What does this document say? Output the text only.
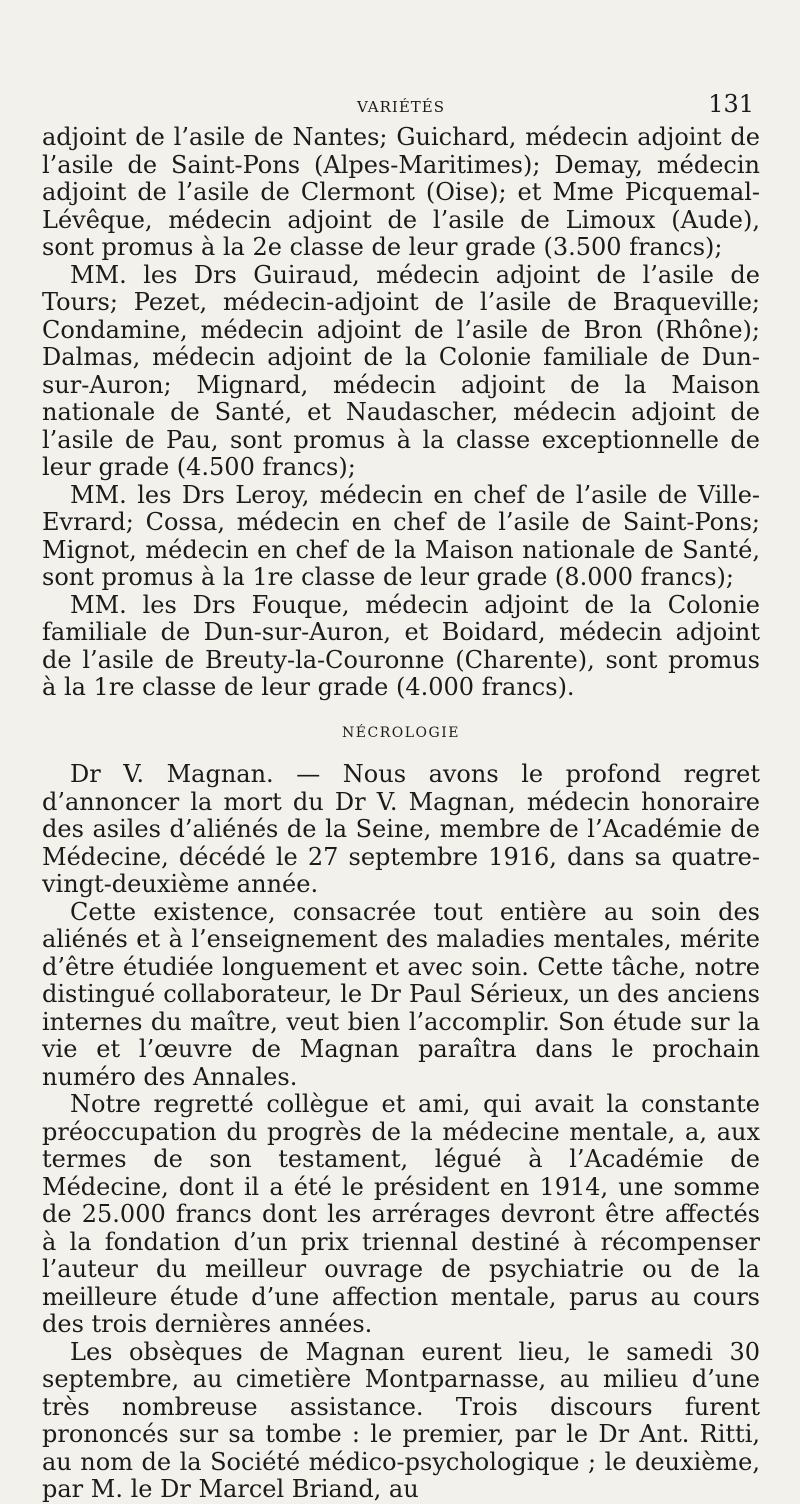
VARIÉTÉS	131

adjoint de l’asile de Nantes; Guichard, médecin adjoint de l’asile de Saint-Pons (Alpes-Maritimes); Demay, médecin adjoint de l’asile de Clermont (Oise); et Mme Picquemal-Lévêque, médecin adjoint de l’asile de Limoux (Aude), sont promus à la 2e classe de leur grade (3.500 francs);

MM. les Drs Guiraud, médecin adjoint de l’asile de Tours; Pezet, médecin-adjoint de l’asile de Braqueville; Condamine, médecin adjoint de l’asile de Bron (Rhône); Dalmas, médecin adjoint de la Colonie familiale de Dun-sur-Auron; Mignard, médecin adjoint de la Maison nationale de Santé, et Naudascher, médecin adjoint de l’asile de Pau, sont promus à la classe exceptionnelle de leur grade (4.500 francs);

MM. les Drs Leroy, médecin en chef de l’asile de Ville-Evrard; Cossa, médecin en chef de l’asile de Saint-Pons; Mignot, médecin en chef de la Maison nationale de Santé, sont promus à la 1re classe de leur grade (8.000 francs);

MM. les Drs Fouque, médecin adjoint de la Colonie familiale de Dun-sur-Auron, et Boidard, médecin adjoint de l’asile de Breuty-la-Couronne (Charente), sont promus à la 1re classe de leur grade (4.000 francs).

NÉCROLOGIE

Dr V. Magnan. — Nous avons le profond regret d’annoncer la mort du Dr V. Magnan, médecin honoraire des asiles d’aliénés de la Seine, membre de l’Académie de Médecine, décédé le 27 septembre 1916, dans sa quatre-vingt-deuxième année.

Cette existence, consacrée tout entière au soin des aliénés et à l’enseignement des maladies mentales, mérite d’être étudiée longuement et avec soin. Cette tâche, notre distingué collaborateur, le Dr Paul Sérieux, un des anciens internes du maître, veut bien l’accomplir. Son étude sur la vie et l’œuvre de Magnan paraîtra dans le prochain numéro des Annales.

Notre regretté collègue et ami, qui avait la constante préoccupation du progrès de la médecine mentale, a, aux termes de son testament, légué à l’Académie de Médecine, dont il a été le président en 1914, une somme de 25.000 francs dont les arrérages devront être affectés à la fondation d’un prix triennal destiné à récompenser l’auteur du meilleur ouvrage de psychiatrie ou de la meilleure étude d’une affection mentale, parus au cours des trois dernières années.

Les obsèques de Magnan eurent lieu, le samedi 30 septembre, au cimetière Montparnasse, au milieu d’une très nombreuse assistance. Trois discours furent prononcés sur sa tombe : le premier, par le Dr Ant. Ritti, au nom de la Société médico-psychologique ; le deuxième, par M. le Dr Marcel Briand, au
